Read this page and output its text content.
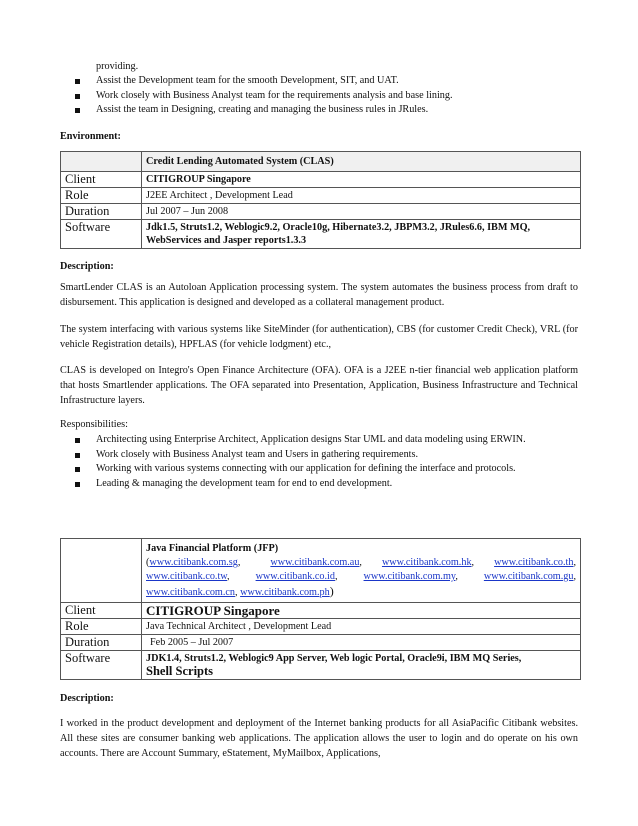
providing.
Assist the Development team for the smooth Development, SIT, and UAT.
Work closely with Business Analyst team for the requirements analysis and base lining.
Assist the team in Designing, creating and managing the business rules in JRules.
Environment:
	Credit Lending Automated System (CLAS)
Client	CITIGROUP Singapore
Role	J2EE Architect , Development Lead
Duration	Jul 2007 – Jun 2008
Software	Jdk1.5, Struts1.2, Weblogic9.2, Oracle10g, Hibernate3.2, JBPM3.2, JRules6.6, IBM MQ, WebServices and Jasper reports1.3.3
Description:

SmartLender CLAS is an Autoloan Application processing system. The system automates the business process from draft to disbursement. This application is designed and developed as a collateral management product.

The system interfacing with various systems like SiteMinder (for authentication), CBS (for customer Credit Check), VRL (for vehicle Registration details), HPFLAS (for vehicle lodgment) etc.,

CLAS is developed on Integro's Open Finance Architecture (OFA). OFA is a J2EE n-tier financial web application platform that hosts Smartlender applications. The OFA separated into Presentation, Application, Business Infrastructure and Technical Infrastructure layers.

Responsibilities:
Architecting using Enterprise Architect, Application designs Star UML and data modeling using ERWIN.
Work closely with Business Analyst team and Users in gathering requirements.
Working with various systems connecting with our application for defining the interface and protocols.
Leading & managing the development team for end to end development.

	Java Financial Platform (JFP)
(www.citibank.com.sg,   www.citibank.com.au,  www.citibank.com.hk,  www.citibank.co.th, www.citibank.co.tw,  www.citibank.co.id,  www.citibank.com.my,  www.citibank.com.gu, www.citibank.com.cn, www.citibank.com.ph)

Client	CITIGROUP Singapore
Role	Java Technical Architect , Development Lead
Duration	Feb 2005 – Jul 2007
Software	JDK1.4, Struts1.2, Weblogic9 App Server, Web logic Portal, Oracle9i, IBM MQ Series,
Shell Scripts
Description:

I worked in the product development and deployment of the Internet banking products for all AsiaPacific Citibank websites. All these sites are consumer banking web applications. The application allows the user to login and do operate on his own accounts. There are Account Summary, eStatement, MyMailbox, Applications,
